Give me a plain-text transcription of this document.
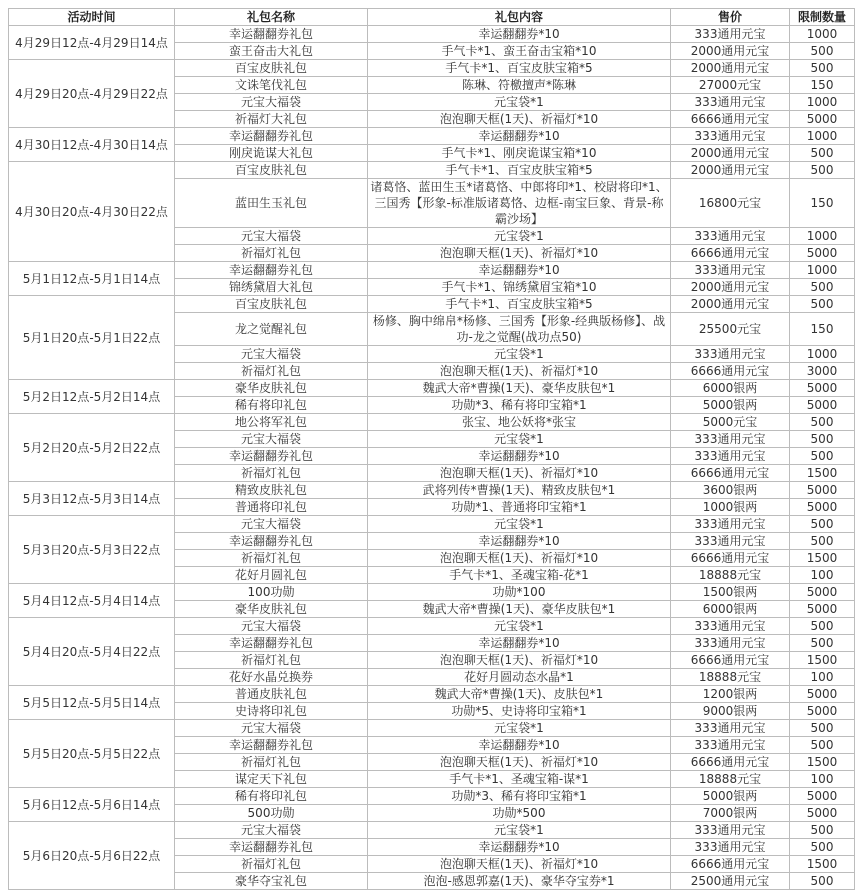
活动时间	礼包名称	礼包内容	售价	限制数量
4月29日12点-4月29日14点	幸运翻翻券礼包	幸运翻翻券*10	333通用元宝	1000
	蛮王奋击大礼包	手气卡*1、蛮王奋击宝箱*10	2000通用元宝	500
4月29日20点-4月29日22点	百宝皮肤礼包	手气卡*1、百宝皮肤宝箱*5	2000通用元宝	500
	文诛笔伐礼包	陈琳、符檄擅声*陈琳	27000元宝	150
	元宝大福袋	元宝袋*1	333通用元宝	1000
	祈福灯大礼包	泡泡聊天框(1天)、祈福灯*10	6666通用元宝	5000
4月30日12点-4月30日14点	幸运翻翻券礼包	幸运翻翻券*10	333通用元宝	1000
	刚戾诡谋大礼包	手气卡*1、刚戾诡谋宝箱*10	2000通用元宝	500
4月30日20点-4月30日22点	百宝皮肤礼包	手气卡*1、百宝皮肤宝箱*5	2000通用元宝	500
	蓝田生玉礼包	诸葛恪、蓝田生玉*诸葛恪、中郎将印*1、校尉将印*1、三国秀【形象-标准版诸葛恪、边框-南宝巨象、背景-称霸沙场】	16800元宝	150
	元宝大福袋	元宝袋*1	333通用元宝	1000
	祈福灯礼包	泡泡聊天框(1天)、祈福灯*10	6666通用元宝	5000
5月1日12点-5月1日14点	幸运翻翻券礼包	幸运翻翻券*10	333通用元宝	1000
	锦绣黛眉大礼包	手气卡*1、锦绣黛眉宝箱*10	2000通用元宝	500
5月1日20点-5月1日22点	百宝皮肤礼包	手气卡*1、百宝皮肤宝箱*5	2000通用元宝	500
	龙之觉醒礼包	杨修、胸中绵帛*杨修、三国秀【形象-经典版杨修】、战功-龙之觉醒(战功点50)	25500元宝	150
	元宝大福袋	元宝袋*1	333通用元宝	1000
	祈福灯礼包	泡泡聊天框(1天)、祈福灯*10	6666通用元宝	3000
5月2日12点-5月2日14点	豪华皮肤礼包	魏武大帝*曹操(1天)、豪华皮肤包*1	6000银两	5000
	稀有将印礼包	功勋*3、稀有将印宝箱*1	5000银两	5000
5月2日20点-5月2日22点	地公将军礼包	张宝、地公妖将*张宝	5000元宝	500
	元宝大福袋	元宝袋*1	333通用元宝	500
	幸运翻翻券礼包	幸运翻翻券*10	333通用元宝	500
	祈福灯礼包	泡泡聊天框(1天)、祈福灯*10	6666通用元宝	1500
5月3日12点-5月3日14点	精致皮肤礼包	武将列传*曹操(1天)、精致皮肤包*1	3600银两	5000
	普通将印礼包	功勋*1、普通将印宝箱*1	1000银两	5000
5月3日20点-5月3日22点	元宝大福袋	元宝袋*1	333通用元宝	500
	幸运翻翻券礼包	幸运翻翻券*10	333通用元宝	500
	祈福灯礼包	泡泡聊天框(1天)、祈福灯*10	6666通用元宝	1500
	花好月圆礼包	手气卡*1、圣魂宝箱-花*1	18888元宝	100
5月4日12点-5月4日14点	100功勋	功勋*100	1500银两	5000
	豪华皮肤礼包	魏武大帝*曹操(1天)、豪华皮肤包*1	6000银两	5000
5月4日20点-5月4日22点	元宝大福袋	元宝袋*1	333通用元宝	500
	幸运翻翻券礼包	幸运翻翻券*10	333通用元宝	500
	祈福灯礼包	泡泡聊天框(1天)、祈福灯*10	6666通用元宝	1500
	花好水晶兑换券	花好月圆动态水晶*1	18888元宝	100
5月5日12点-5月5日14点	普通皮肤礼包	魏武大帝*曹操(1天)、皮肤包*1	1200银两	5000
	史诗将印礼包	功勋*5、史诗将印宝箱*1	9000银两	5000
5月5日20点-5月5日22点	元宝大福袋	元宝袋*1	333通用元宝	500
	幸运翻翻券礼包	幸运翻翻券*10	333通用元宝	500
	祈福灯礼包	泡泡聊天框(1天)、祈福灯*10	6666通用元宝	1500
	谋定天下礼包	手气卡*1、圣魂宝箱-谋*1	18888元宝	100
5月6日12点-5月6日14点	稀有将印礼包	功勋*3、稀有将印宝箱*1	5000银两	5000
	500功勋	功勋*500	7000银两	5000
5月6日20点-5月6日22点	元宝大福袋	元宝袋*1	333通用元宝	500
	幸运翻翻券礼包	幸运翻翻券*10	333通用元宝	500
	祈福灯礼包	泡泡聊天框(1天)、祈福灯*10	6666通用元宝	1500
	豪华夺宝礼包	泡泡-感恩郭嘉(1天)、豪华夺宝券*1	2500通用元宝	500
